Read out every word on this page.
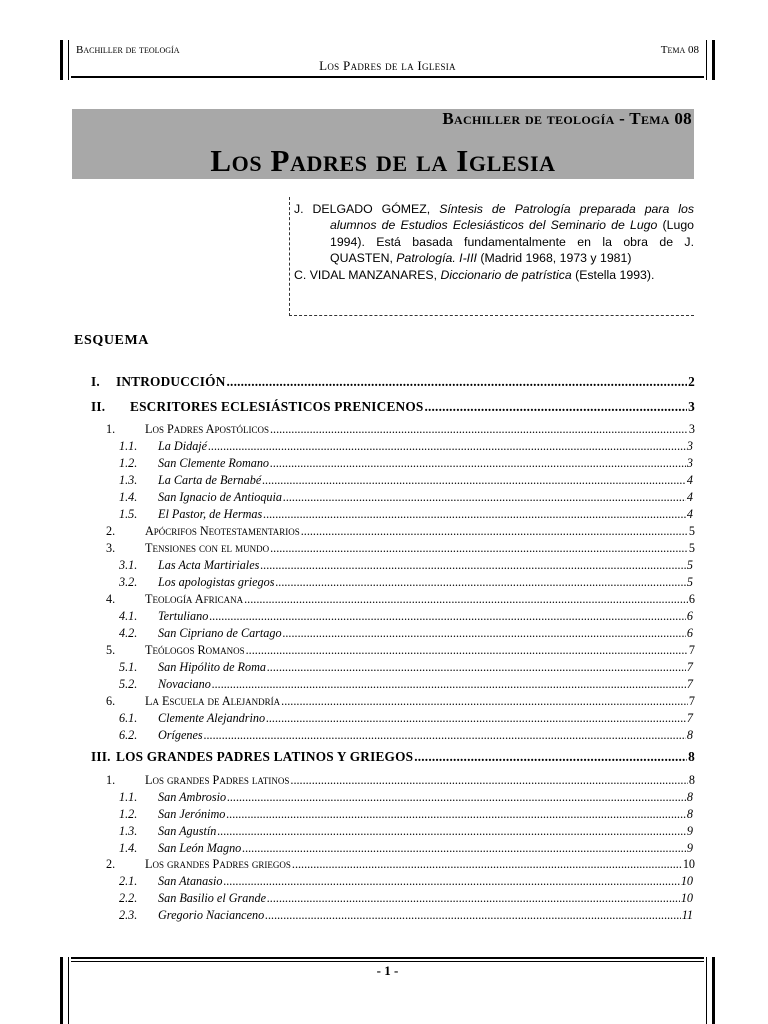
Bachiller de teología	Tema 08
Los Padres de la Iglesia
Bachiller de teología - Tema 08
Los Padres de la Iglesia
J. DELGADO GÓMEZ, Síntesis de Patrología preparada para los alumnos de Estudios Eclesiásticos del Seminario de Lugo (Lugo 1994). Está basada fundamentalmente en la obra de J. QUASTEN, Patrología. I-III (Madrid 1968, 1973 y 1981)
C. VIDAL MANZANARES, Diccionario de patrística (Estella 1993).
ESQUEMA
I.	INTRODUCCIÓN .....	2
II.	ESCRITORES ECLESIÁSTICOS PRENICENOS .....	3
1.	Los Padres Apostólicos .....	3
1.1.	La Didajé .....	3
1.2.	San Clemente Romano .....	3
1.3.	La Carta de Bernabé .....	4
1.4.	San Ignacio de Antioquia .....	4
1.5.	El Pastor, de Hermas .....	4
2.	Apócrifos Neotestamentarios .....	5
3.	Tensiones con el mundo .....	5
3.1.	Las Acta Martiriales .....	5
3.2.	Los apologistas griegos .....	5
4.	Teología Africana .....	6
4.1.	Tertuliano .....	6
4.2.	San Cipriano de Cartago .....	6
5.	Teólogos Romanos .....	7
5.1.	San Hipólito de Roma .....	7
5.2.	Novaciano .....	7
6.	La Escuela de Alejandría .....	7
6.1.	Clemente Alejandrino .....	7
6.2.	Orígenes .....	8
III. LOS GRANDES PADRES LATINOS Y GRIEGOS .....	8
1.	Los grandes Padres latinos .....	8
1.1.	San Ambrosio .....	8
1.2.	San Jerónimo .....	8
1.3.	San Agustín .....	9
1.4.	San León Magno .....	9
2.	Los grandes Padres griegos .....	10
2.1.	San Atanasio .....	10
2.2.	San Basilio el Grande .....	10
2.3.	Gregorio Nacianceno .....	11
- 1 -
